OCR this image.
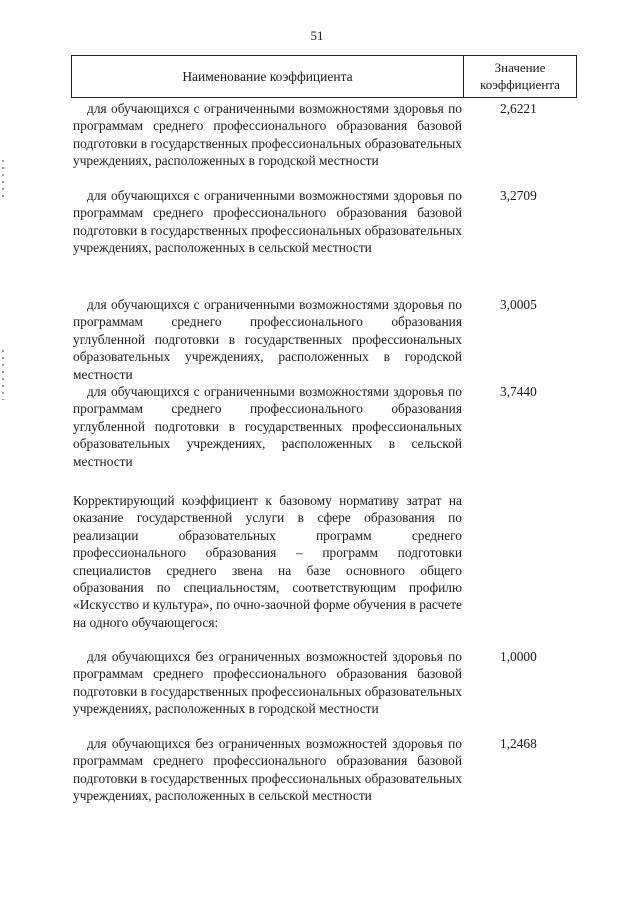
51
Наименование коэффициента
Значение
коэффициента

для обучающихся с ограниченными возможностями здоровья по программам среднего профессионального образования базовой подготовки в государственных профессиональных образовательных учреждениях, расположенных в городской местности

2,6221

для обучающихся с ограниченными возможностями здоровья по программам среднего профессионального образования базовой подготовки в государственных профессиональных образовательных учреждениях, расположенных в сельской местности

3,2709

для обучающихся с ограниченными возможностями здоровья по программам среднего профессионального образования углубленной подготовки в государственных профессиональных образовательных учреждениях, расположенных в городской местности

3,0005

для обучающихся с ограниченными возможностями здоровья по программам среднего профессионального образования углубленной подготовки в государственных профессиональных образовательных учреждениях, расположенных в сельской местности

3,7440

Корректирующий коэффициент к базовому нормативу затрат на оказание государственной услуги в сфере образования по реализации образовательных программ среднего профессионального образования – программ подготовки специалистов среднего звена на базе основного общего образования по специальностям, соответствующим профилю «Искусство и культура», по очно-заочной форме обучения в расчете на одного обучающегося:

для обучающихся без ограниченных возможностей здоровья по программам среднего профессионального образования базовой подготовки в государственных профессиональных образовательных учреждениях, расположенных в городской местности

1,0000

для обучающихся без ограниченных возможностей здоровья по программам среднего профессионального образования базовой подготовки в государственных профессиональных образовательных учреждениях, расположенных в сельской местности

1,2468
